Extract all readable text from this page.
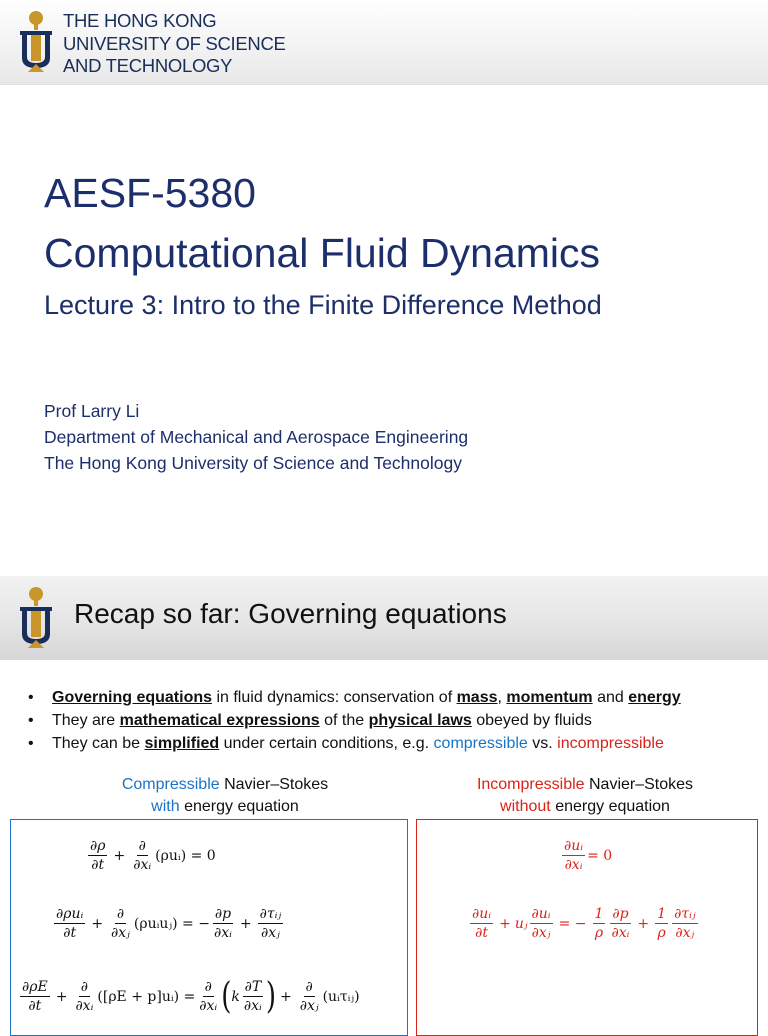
THE HONG KONG
UNIVERSITY OF SCIENCE
AND TECHNOLOGY
AESF-5380
Computational Fluid Dynamics
Lecture 3: Intro to the Finite Difference Method
Prof Larry Li
Department of Mechanical and Aerospace Engineering
The Hong Kong University of Science and Technology
Recap so far: Governing equations
• Governing equations in fluid dynamics: conservation of mass, momentum and energy
• They are mathematical expressions of the physical laws obeyed by fluids
• They can be simplified under certain conditions, e.g. compressible vs. incompressible
Compressible Navier–Stokes
with energy equation
Incompressible Navier–Stokes
without energy equation
$\frac{\partial\rho}{\partial t} + \frac{\partial}{\text{∂xᵢ}}$ (ρuᵢ) = 0
$\frac{\text{∂ρuᵢ}}{\partial t} + \frac{\partial}{\text{∂xⱼ}}$ (ρuᵢuⱼ) = − $\frac{\partial p}{\text{∂xᵢ}} + \frac{\text{∂τᵢⱼ}}{\text{∂xⱼ}}$
$\frac{\partial\rho E}{\partial t} + \frac{\partial}{\text{∂xᵢ}} ([\rho E$ + p]uᵢ) = $\frac{\partial}{\text{∂xᵢ}}$ ( k $\frac{\partial T}{\text{∂xᵢ}}$ ) + $\frac{\partial}{\text{∂xⱼ}}$ (uᵢτᵢⱼ)
$\frac{\text{∂uᵢ}}{\text{∂xᵢ}} = 0$
$\frac{\text{∂uᵢ}}{\partial t}$ + uⱼ $\frac{\text{∂uᵢ}}{\text{∂xⱼ}}$ = − $\frac{1}{\rho} \frac{\partial p}{\text{∂xᵢ}} + \frac{1}{\rho} \frac{\text{∂τᵢⱼ}}{\text{∂xⱼ}}$
